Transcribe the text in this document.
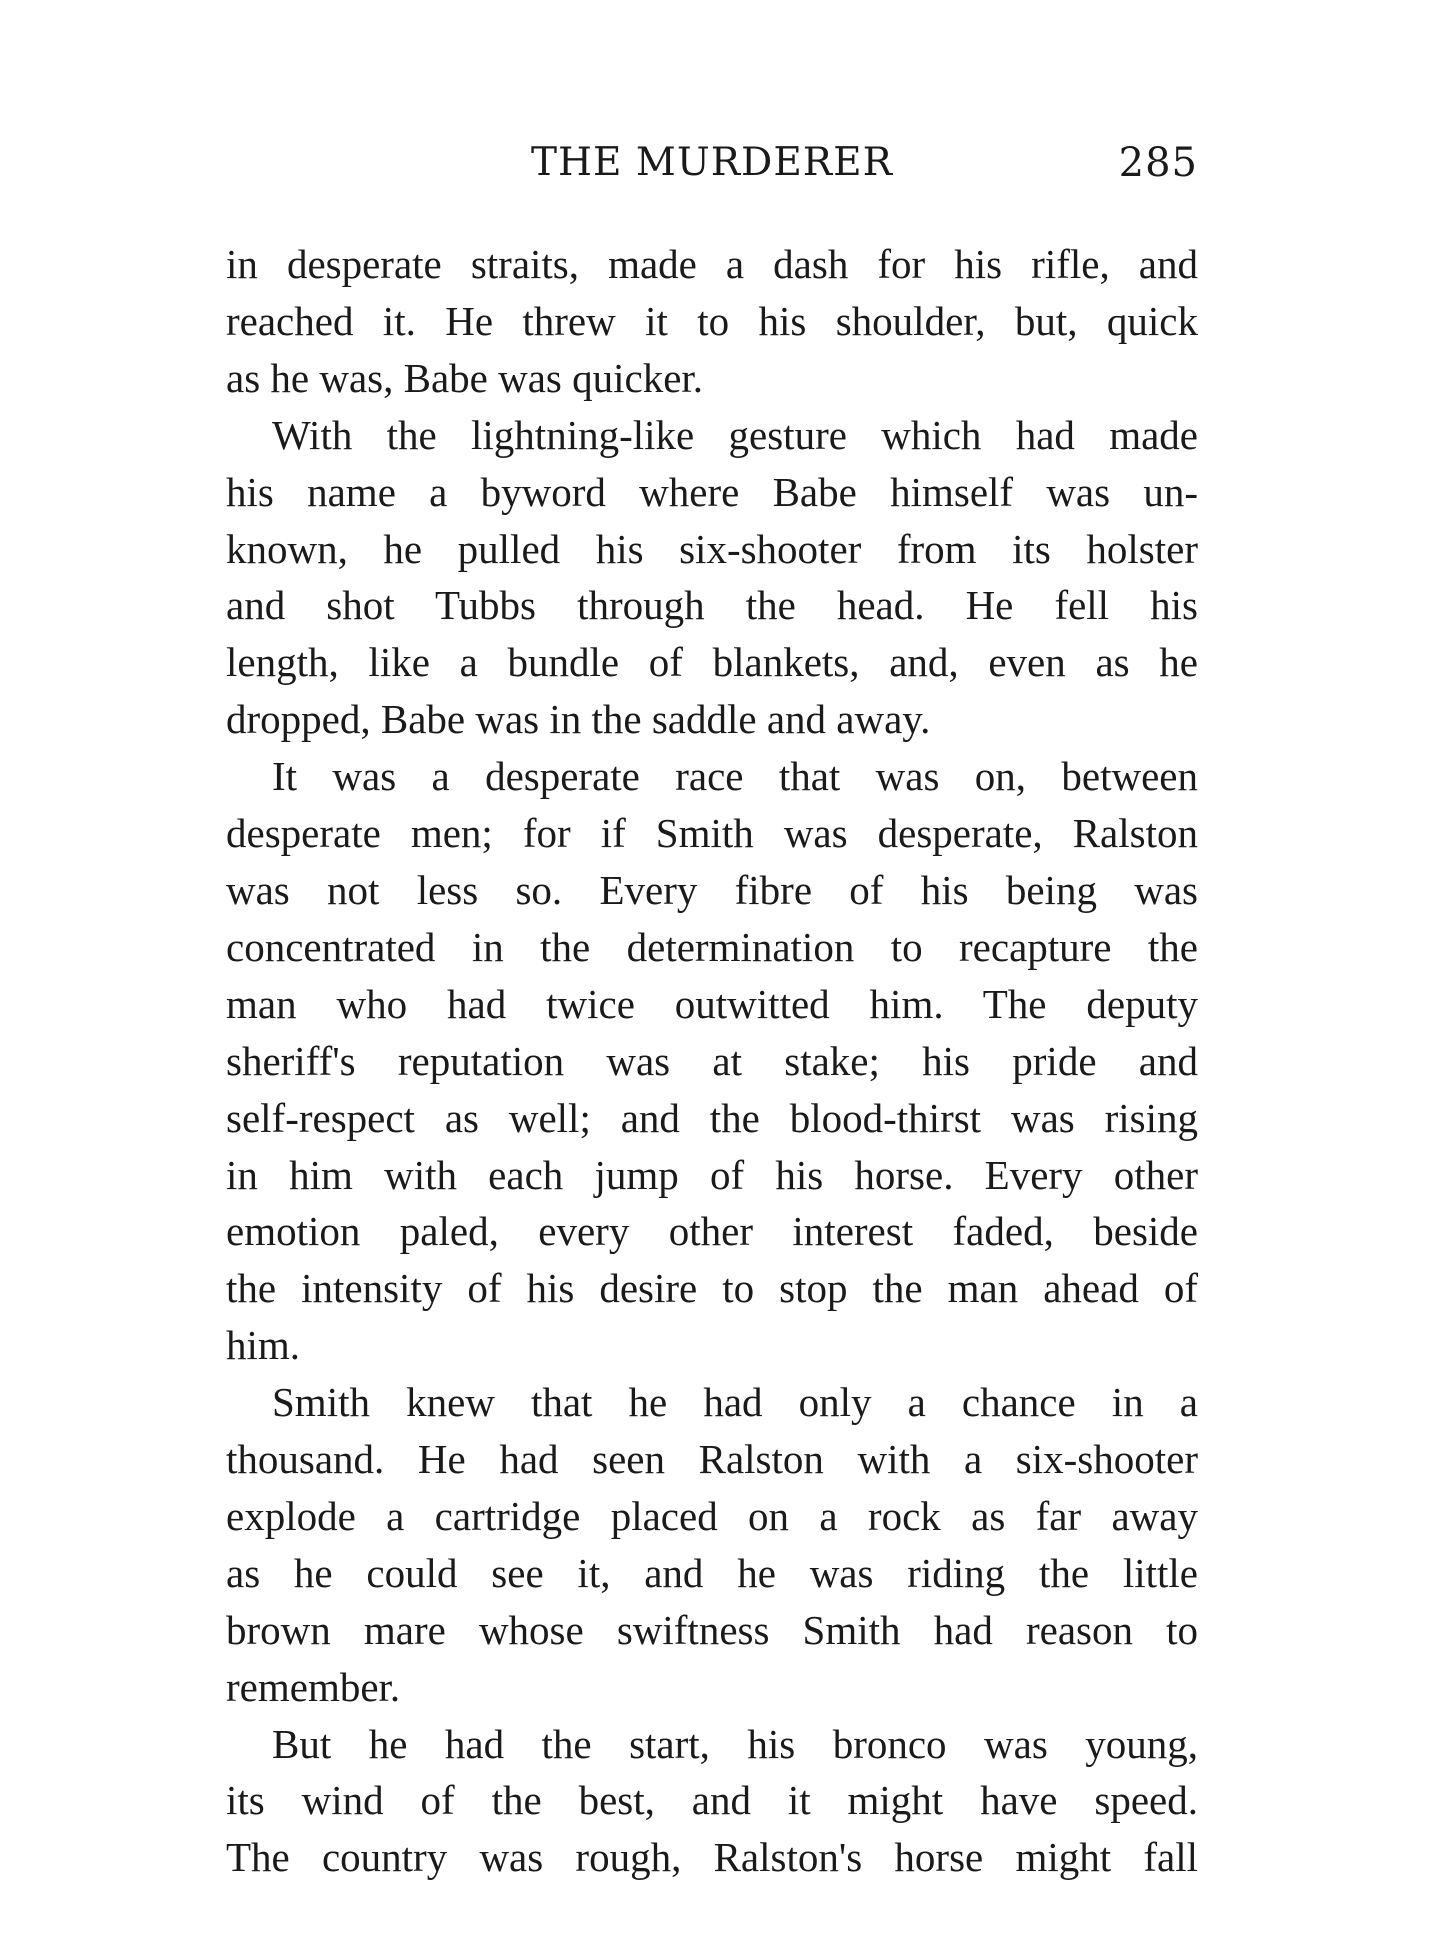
THE MURDERER	285
in desperate straits, made a dash for his rifle, and
reached it. He threw it to his shoulder, but, quick
as he was, Babe was quicker.
With the lightning-like gesture which had made
his name a byword where Babe himself was un-
known, he pulled his six-shooter from its holster
and shot Tubbs through the head. He fell his
length, like a bundle of blankets, and, even as he
dropped, Babe was in the saddle and away.
It was a desperate race that was on, between
desperate men; for if Smith was desperate, Ralston
was not less so. Every fibre of his being was
concentrated in the determination to recapture the
man who had twice outwitted him. The deputy
sheriff's reputation was at stake; his pride and
self-respect as well; and the blood-thirst was rising
in him with each jump of his horse. Every other
emotion paled, every other interest faded, beside
the intensity of his desire to stop the man ahead of
him.
Smith knew that he had only a chance in a
thousand. He had seen Ralston with a six-shooter
explode a cartridge placed on a rock as far away
as he could see it, and he was riding the little
brown mare whose swiftness Smith had reason to
remember.
But he had the start, his bronco was young,
its wind of the best, and it might have speed.
The country was rough, Ralston's horse might fall
